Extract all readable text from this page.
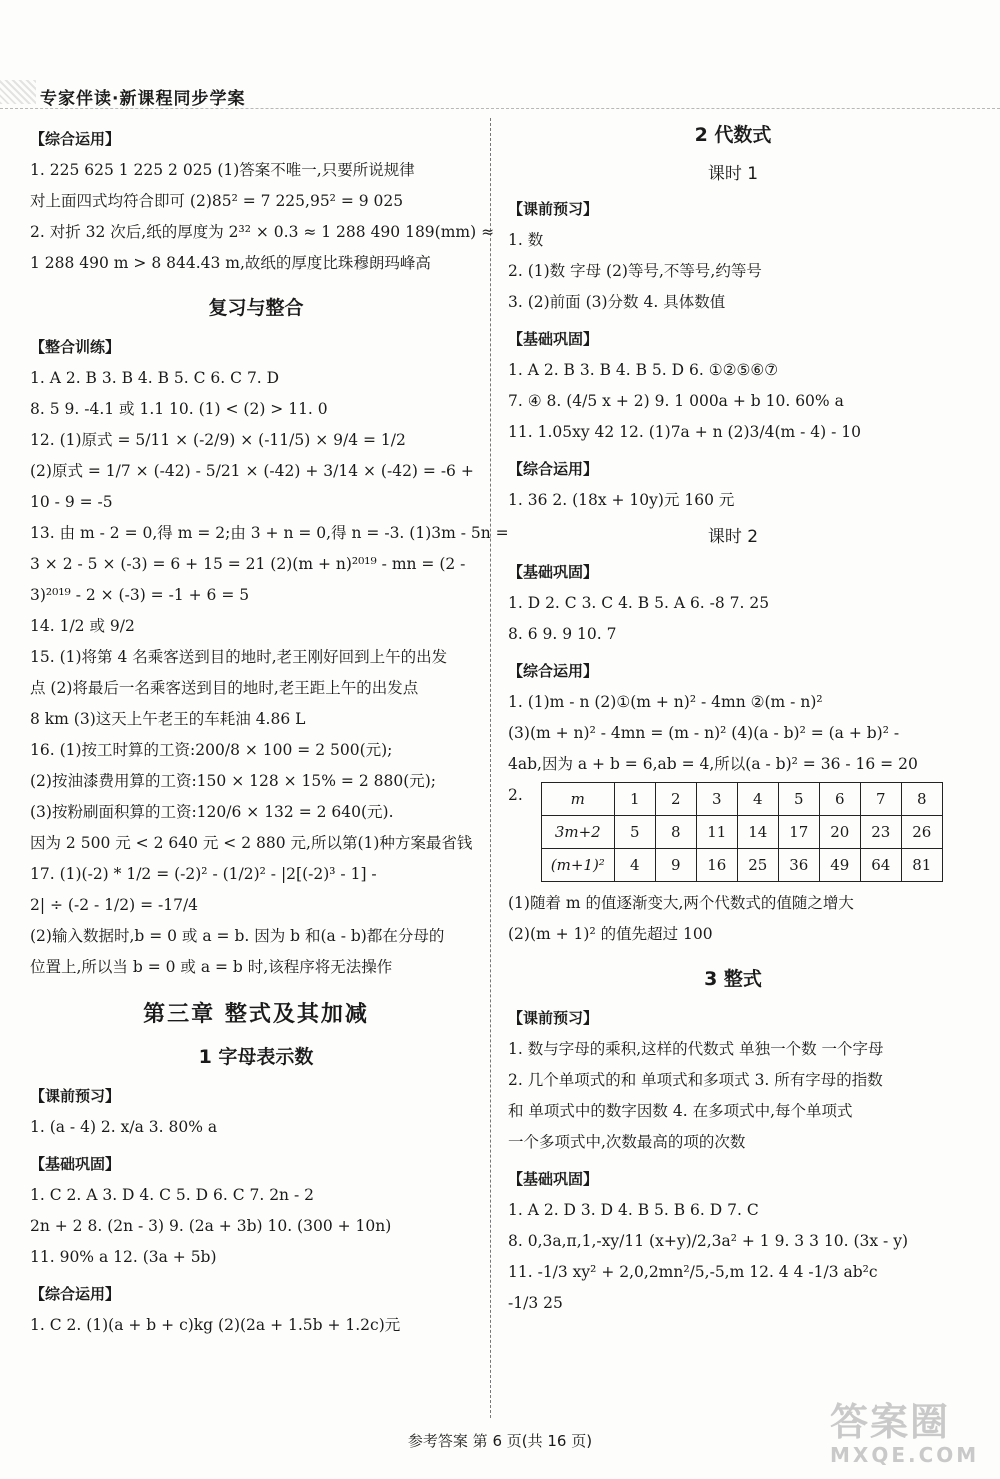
专家伴读·新课程同步学案

【综合运用】

1. 225 625 1 225 2 025 (1)答案不唯一,只要所说规律

对上面四式均符合即可 (2)85² = 7 225,95² = 9 025

2. 对折 32 次后,纸的厚度为 2³² × 0.3 ≈ 1 288 490 189(mm) ≈

1 288 490 m > 8 844.43 m,故纸的厚度比珠穆朗玛峰高

复习与整合

【整合训练】

1. A 2. B 3. B 4. B 5. C 6. C 7. D

8. 5 9. -4.1 或 1.1 10. (1) < (2) > 11. 0

12. (1)原式 = 5/11 × (-2/9) × (-11/5) × 9/4 = 1/2

(2)原式 = 1/7 × (-42) - 5/21 × (-42) + 3/14 × (-42) = -6 +

10 - 9 = -5

13. 由 m - 2 = 0,得 m = 2;由 3 + n = 0,得 n = -3. (1)3m - 5n =

3 × 2 - 5 × (-3) = 6 + 15 = 21 (2)(m + n)²⁰¹⁹ - mn = (2 -

3)²⁰¹⁹ - 2 × (-3) = -1 + 6 = 5

14. 1/2 或 9/2

15. (1)将第 4 名乘客送到目的地时,老王刚好回到上午的出发

点 (2)将最后一名乘客送到目的地时,老王距上午的出发点

8 km (3)这天上午老王的车耗油 4.86 L

16. (1)按工时算的工资:200/8 × 100 = 2 500(元);

(2)按油漆费用算的工资:150 × 128 × 15% = 2 880(元);

(3)按粉刷面积算的工资:120/6 × 132 = 2 640(元).

因为 2 500 元 < 2 640 元 < 2 880 元,所以第(1)种方案最省钱

17. (1)(-2) * 1/2 = (-2)² - (1/2)² - |2[(-2)³ - 1] -

2| ÷ (-2 - 1/2) = -17/4

(2)输入数据时,b = 0 或 a = b. 因为 b 和(a - b)都在分母的

位置上,所以当 b = 0 或 a = b 时,该程序将无法操作

第三章 整式及其加减
1 字母表示数

【课前预习】

1. (a - 4) 2. x/a 3. 80% a

【基础巩固】

1. C 2. A 3. D 4. C 5. D 6. C 7. 2n - 2

2n + 2 8. (2n - 3) 9. (2a + 3b) 10. (300 + 10n)

11. 90% a 12. (3a + 5b)

【综合运用】

1. C 2. (1)(a + b + c)kg (2)(2a + 1.5b + 1.2c)元

2 代数式
课时 1

【课前预习】

1. 数

2. (1)数 字母 (2)等号,不等号,约等号

3. (2)前面 (3)分数 4. 具体数值

【基础巩固】

1. A 2. B 3. B 4. B 5. D 6. ①②⑤⑥⑦

7. ④ 8. (4/5 x + 2) 9. 1 000a + b 10. 60% a

11. 1.05xy 42 12. (1)7a + n (2)3/4(m - 4) - 10

【综合运用】

1. 36 2. (18x + 10y)元 160 元

课时 2

【基础巩固】

1. D 2. C 3. C 4. B 5. A 6. -8 7. 25

8. 6 9. 9 10. 7

【综合运用】

1. (1)m - n (2)①(m + n)² - 4mn ②(m - n)²

(3)(m + n)² - 4mn = (m - n)² (4)(a - b)² = (a + b)² -

4ab,因为 a + b = 6,ab = 4,所以(a - b)² = 36 - 16 = 20

2.	m	1	2	3	4	5	6	7	8
3m+2	5	8	11	14	17	20	23	26
(m+1)²	4	9	16	25	36	49	64	81

(1)随着 m 的值逐渐变大,两个代数式的值随之增大

(2)(m + 1)² 的值先超过 100

3 整式

【课前预习】

1. 数与字母的乘积,这样的代数式 单独一个数 一个字母

2. 几个单项式的和 单项式和多项式 3. 所有字母的指数

和 单项式中的数字因数 4. 在多项式中,每个单项式

一个多项式中,次数最高的项的次数

【基础巩固】

1. A 2. D 3. D 4. B 5. B 6. D 7. C

8. 0,3a,π,1,-xy/11 (x+y)/2,3a² + 1 9. 3 3 10. (3x - y)

11. -1/3 xy² + 2,0,2mn²/5,-5,m 12. 4 4 -1/3 ab²c

-1/3 25

参考答案 第 6 页(共 16 页)	答案圈
MXQE.COM
